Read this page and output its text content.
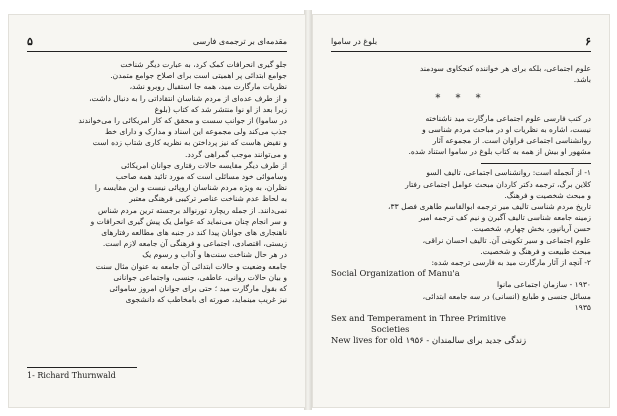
۵	مقدمه‌ای بر ترجمه‌ی فارسی
جلو گیری انحرافات کمک کرد، به عبارت دیگر شناخت
جوامع ابتدائی پر اهمیتی است برای اصلاح جوامع متمدن.
نظریات مارگارت مید، همه جا استقبال روبرو نشد،
و از طرف عده‌ای از مردم شناسان انتقاداتی را به دنبال داشت،
زیرا بعد از او نوا منتشر شد که کتاب (بلوغ
در ساموا) از جوانب سست و محقق که کار امریکائی را می‌خواندند
جذب می‌کند ولی مجموعه این اسناد و مدارک و دارای خط
و نقیض هاست که نیز پرداختن به نظریه کاری شتاب زده است
و می‌توانند موجب گمراهی گردد.
از طرف دیگر مقایسه حالات رفتاری جوانان امریکائی
وساموائی خود مسائلی است که مورد تائید همه صاحب
نظران، به ویژه مردم شناسان اروپائی نیست و این مقایسه را
به لحاظ عدم شناخت عناصر ترکیبی فرهنگی معتبر
نمی‌دانند. از جمله ریچارد تورنوالد برجسته ترین مردم شناس
و سر انجام چنان می‌نماید که عوامل یک پیش گیری انحرافات و
ناهنجاری های جوانان پیدا کند در جنبه های مطالعه رفتارهای
زیستی، اقتصادی، اجتماعی و فرهنگی آن جامعه لازم است.
در هر حال شناخت سنت‌ها و آداب و رسوم یک
جامعه وضعیت و حالات ابتدائی آن جامعه به عنوان مثال سنت
و بیان حالات روانی، عاطفی، جنسی، واجتماعی جوانانی
که بقول مارگارت مید ؛ حتی برای جوانان امروز ساموائی
نیز غریب مینماید، صورته ای بامخاطب که دانشجوی
1- Richard Thurnwald
۶
بلوغ در ساموا
علوم اجتماعی، بلکه برای هر خواننده کنجکاوی سودمند
باشد.
* * *
در کتب فارسی علوم اجتماعی مارگارت مید ناشناخته
نیست، اشاره به نظریات او در مباحث مردم شناسی و
روانشناسی اجتماعی فراوان است. از مجموعه آثار
مشهور او بیش از همه به کتاب بلوغ در ساموا استناد شده.
۱- از آنجمله است: روانشناسی اجتماعی، تالیف السو
کلاین برگ، ترجمه دکتر کاردان مبحث عوامل اجتماعی رفتار
و مبحث شخصیت و فرهنگ.
تاریخ مردم شناسی تالیف میر ترجمه ابوالقاسم طاهری فصل ۳۳،
زمینه جامعه شناسی تالیف آگبرن و نیم کف ترجمه امیر
حسن آریانپور، بخش چهارم، شخصیت.
علوم اجتماعی و سیر تکوینی آن. تالیف احسان نراقی،
مبحث طبیعت و فرهنگ و شخصیت.
۲- آنچه از آثار مارگارت مید به فارسی ترجمه شده:
Social Organization of Manu'a
۱۹۳۰ - سازمان اجتماعی مانوا
مسائل جنسی و طبایع (انسانی) در سه جامعه ابتدائی،
۱۹۳۵
Sex and Temperament in Three Primitive
Societies
New lives for old ۱۹۵۶ - زندگی جدید برای سالمندان
